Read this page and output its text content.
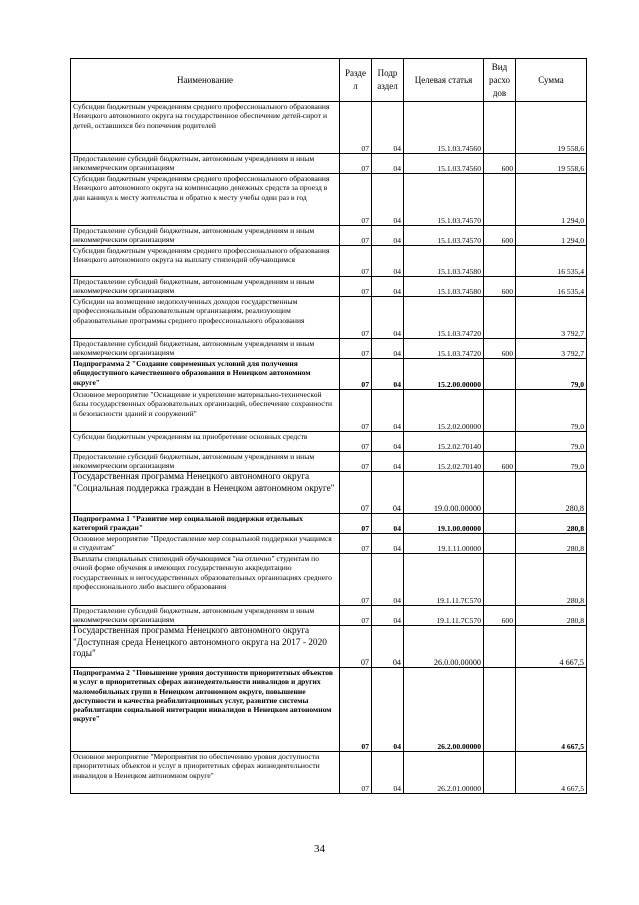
Наименование	Разде л	Подр аздел	Целевая статья	Вид расхо дов	Сумма
Субсидии бюджетным учреждениям среднего профессионального образования Ненецкого автономного округа на государственное обеспечение детей-сирот и детей, оставшихся без попечения родителей	07	04	15.1.03.74560		19 558,6
Предоставление субсидий бюджетным, автономным учреждениям и иным некоммерческим организациям	07	04	15.1.03.74560	600	19 558,6
Субсидии бюджетным учреждениям среднего профессионального образования Ненецкого автономного округа на компенсацию денежных средств за проезд в дни каникул к месту жительства и обратно к месту учебы один раз в год	07	04	15.1.03.74570		1 294,0
Предоставление субсидий бюджетным, автономным учреждениям и иным некоммерческим организациям	07	04	15.1.03.74570	600	1 294,0
Субсидии бюджетным учреждениям среднего профессионального образования Ненецкого автономного округа на выплату стипендий обучающимся	07	04	15.1.03.74580		16 535,4
Предоставление субсидий бюджетным, автономным учреждениям и иным некоммерческим организациям	07	04	15.1.03.74580	600	16 535,4
Субсидии на возмещение недополученных доходов государственным профессиональным образовательным организациям, реализующим образовательные программы среднего профессионального образования	07	04	15.1.03.74720		3 792,7
Предоставление субсидий бюджетным, автономным учреждениям и иным некоммерческим организациям	07	04	15.1.03.74720	600	3 792,7
Подпрограмма 2 "Создание современных условий для получения общедоступного качественного образования в Ненецком автономном округе"	07	04	15.2.00.00000		79,0
Основное мероприятие "Оснащение и укрепление материально-технической базы государственных образовательных организаций, обеспечение сохранности и безопасности зданий и сооружений"	07	04	15.2.02.00000		79,0
Субсидии бюджетным учреждениям на приобретение основных средств	07	04	15.2.02.70140		79,0
Предоставление субсидий бюджетным, автономным учреждениям и иным некоммерческим организациям	07	04	15.2.02.70140	600	79,0
Государственная программа Ненецкого автономного округа "Социальная поддержка граждан в Ненецком автономном округе"	07	04	19.0.00.00000		280,8
Подпрограмма 1 "Развитие мер социальной поддержки отдельных категорий граждан"	07	04	19.1.00.00000		280,8
Основное мероприятие "Предоставление мер социальной поддержки учащимся и студентам"	07	04	19.1.11.00000		280,8
Выплаты специальных стипендий обучающимся "на отлично" студентам по очной форме обучения в имеющих государственную аккредитацию государственных и негосударственных образовательных организациях среднего профессионального либо высшего образования	07	04	19.1.11.7С570		280,8
Предоставление субсидий бюджетным, автономным учреждениям и иным некоммерческим организациям	07	04	19.1.11.7С570	600	280,8
Государственная программа Ненецкого автономного округа "Доступная среда Ненецкого автономного округа на 2017 - 2020 годы"	07	04	26.0.00.00000		4 667,5
Подпрограмма 2 "Повышение уровня доступности приоритетных объектов и услуг в приоритетных сферах жизнедеятельности инвалидов и других маломобильных групп в Ненецком автономном округе, повышение доступности и качества реабилитационных услуг, развитие системы реабилитации социальной интеграции инвалидов в Ненецком автономном округе"	07	04	26.2.00.00000		4 667,5
Основное мероприятие "Мероприятия по обеспечению уровня доступности приоритетных объектов и услуг в приоритетных сферах жизнедеятельности инвалидов в Ненецком автономном округе"	07	04	26.2.01.00000		4 667,5
34
